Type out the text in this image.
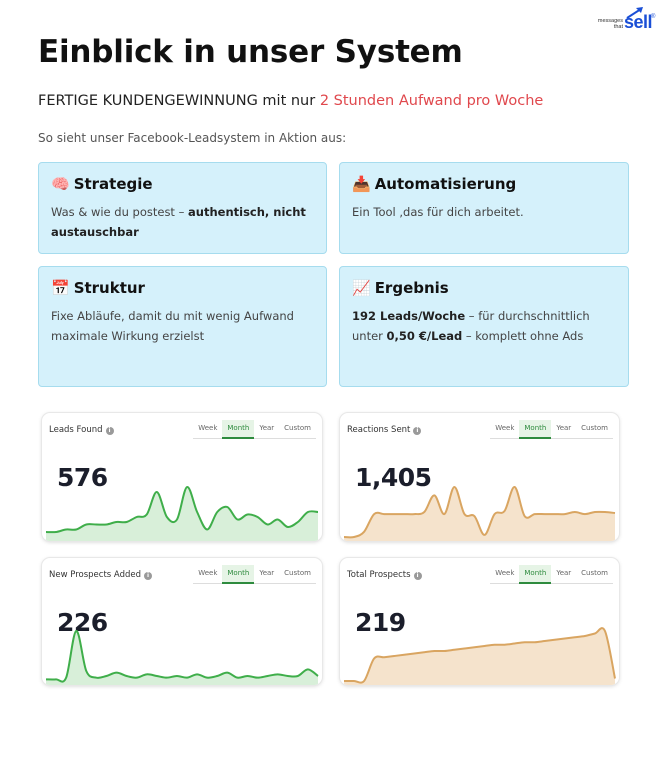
messages that sell
®
Einblick in unser System
FERTIGE KUNDENGEWINNUNG mit nur 2 Stunden Aufwand pro Woche
So sieht unser Facebook-Leadsystem in Aktion aus:
🧠 Strategie
Was & wie du postest – authentisch, nicht austauschbar
📥 Automatisierung
Ein Tool ,das für dich arbeitet.
📅 Struktur
Fixe Abläufe, damit du mit wenig Aufwand maximale Wirkung erzielst
📈 Ergebnis
192 Leads/Woche – für durchschnittlich unter 0,50 €/Lead – komplett ohne Ads
Leads Found i	Week	Month	Year	Custom
576
Reactions Sent i	Week	Month	Year	Custom
1,405
New Prospects Added i	Week	Month	Year	Custom
226
Total Prospects i	Week	Month	Year	Custom
219
